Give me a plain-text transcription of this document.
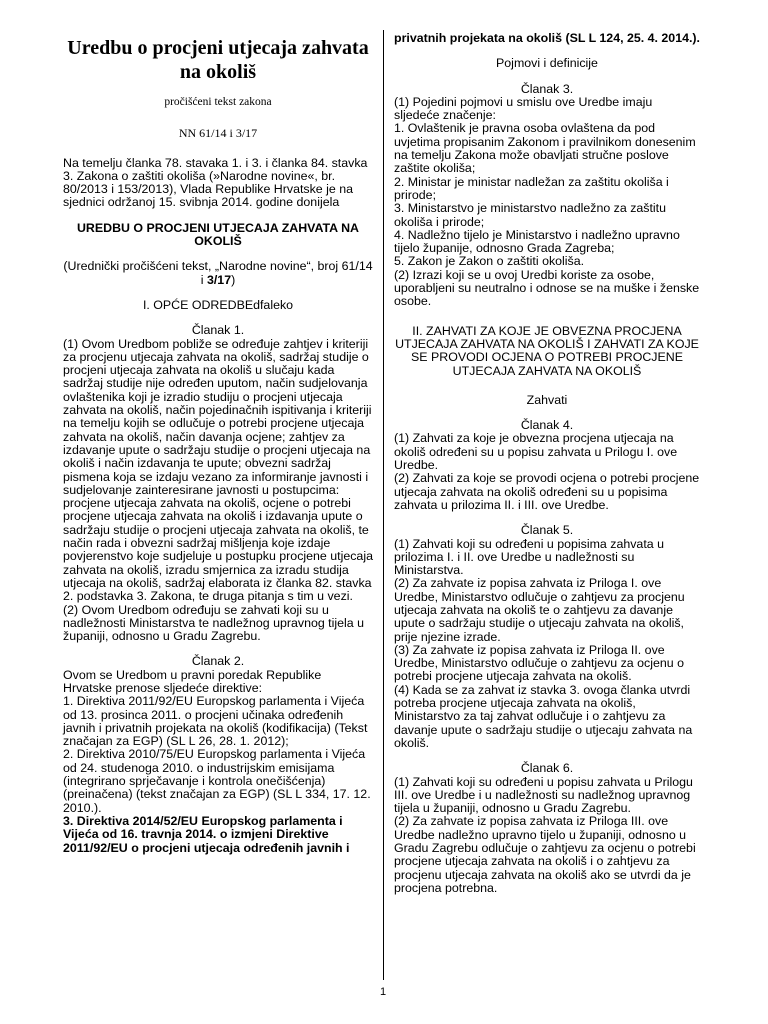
Uredbu o procjeni utjecaja zahvata na okoliš
pročišćeni tekst zakona
NN 61/14 i 3/17

Na temelju članka 78. stavaka 1. i 3. i članka 84. stavka 3. Zakona o zaštiti okoliša (»Narodne novine«, br. 80/2013 i 153/2013), Vlada Republike Hrvatske je na sjednici održanoj 15. svibnja 2014. godine donijela

UREDBU O PROCJENI UTJECAJA ZAHVATA NA OKOLIŠ
(Urednički pročišćeni tekst, „Narodne novine“, broj 61/14 i 3/17)
I. OPĆE ODREDBEdfaleko
Članak 1.

(1) Ovom Uredbom pobliže se određuje zahtjev i kriteriji za procjenu utjecaja zahvata na okoliš, sadržaj studije o procjeni utjecaja zahvata na okoliš u slučaju kada sadržaj studije nije određen uputom, način sudjelovanja ovlaštenika koji je izradio studiju o procjeni utjecaja zahvata na okoliš, način pojedinačnih ispitivanja i kriteriji na temelju kojih se odlučuje o potrebi procjene utjecaja zahvata na okoliš, način davanja ocjene; zahtjev za izdavanje upute o sadržaju studije o procjeni utjecaja na okoliš i način izdavanja te upute; obvezni sadržaj pismena koja se izdaju vezano za informiranje javnosti i sudjelovanje zainteresirane javnosti u postupcima: procjene utjecaja zahvata na okoliš, ocjene o potrebi procjene utjecaja zahvata na okoliš i izdavanja upute o sadržaju studije o procjeni utjecaja zahvata na okoliš, te način rada i obvezni sadržaj mišljenja koje izdaje povjerenstvo koje sudjeluje u postupku procjene utjecaja zahvata na okoliš, izradu smjernica za izradu studija utjecaja na okoliš, sadržaj elaborata iz članka 82. stavka 2. podstavka 3. Zakona, te druga pitanja s tim u vezi.

(2) Ovom Uredbom određuju se zahvati koji su u nadležnosti Ministarstva te nadležnog upravnog tijela u županiji, odnosno u Gradu Zagrebu.

Članak 2.

Ovom se Uredbom u pravni poredak Republike Hrvatske prenose sljedeće direktive:

1. Direktiva 2011/92/EU Europskog parlamenta i Vijeća od 13. prosinca 2011. o procjeni učinaka određenih javnih i privatnih projekata na okoliš (kodifikacija) (Tekst značajan za EGP) (SL L 26, 28. 1. 2012);

2. Direktiva 2010/75/EU Europskog parlamenta i Vijeća od 24. studenoga 2010. o industrijskim emisijama (integrirano sprječavanje i kontrola onečišćenja) (preinačena) (tekst značajan za EGP) (SL L 334, 17. 12. 2010.).

3. Direktiva 2014/52/EU Europskog parlamenta i Vijeća od 16. travnja 2014. o izmjeni Direktive 2011/92/EU o procjeni utjecaja određenih javnih i

privatnih projekata na okoliš (SL L 124, 25. 4. 2014.).

Pojmovi i definicije
Članak 3.

(1) Pojedini pojmovi u smislu ove Uredbe imaju sljedeće značenje:

1. Ovlaštenik je pravna osoba ovlaštena da pod uvjetima propisanim Zakonom i pravilnikom donesenim na temelju Zakona može obavljati stručne poslove zaštite okoliša;

2. Ministar je ministar nadležan za zaštitu okoliša i prirode;

3. Ministarstvo je ministarstvo nadležno za zaštitu okoliša i prirode;

4. Nadležno tijelo je Ministarstvo i nadležno upravno tijelo županije, odnosno Grada Zagreba;

5. Zakon je Zakon o zaštiti okoliša.

(2) Izrazi koji se u ovoj Uredbi koriste za osobe, uporabljeni su neutralno i odnose se na muške i ženske osobe.

II. ZAHVATI ZA KOJE JE OBVEZNA PROCJENA UTJECAJA ZAHVATA NA OKOLIŠ I ZAHVATI ZA KOJE SE PROVODI OCJENA O POTREBI PROCJENE UTJECAJA ZAHVATA NA OKOLIŠ
Zahvati
Članak 4.

(1) Zahvati za koje je obvezna procjena utjecaja na okoliš određeni su u popisu zahvata u Prilogu I. ove Uredbe.

(2) Zahvati za koje se provodi ocjena o potrebi procjene utjecaja zahvata na okoliš određeni su u popisima zahvata u prilozima II. i III. ove Uredbe.

Članak 5.

(1) Zahvati koji su određeni u popisima zahvata u prilozima I. i II. ove Uredbe u nadležnosti su Ministarstva.

(2) Za zahvate iz popisa zahvata iz Priloga I. ove Uredbe, Ministarstvo odlučuje o zahtjevu za procjenu utjecaja zahvata na okoliš te o zahtjevu za davanje upute o sadržaju studije o utjecaju zahvata na okoliš, prije njezine izrade.

(3) Za zahvate iz popisa zahvata iz Priloga II. ove Uredbe, Ministarstvo odlučuje o zahtjevu za ocjenu o potrebi procjene utjecaja zahvata na okoliš.

(4) Kada se za zahvat iz stavka 3. ovoga članka utvrdi potreba procjene utjecaja zahvata na okoliš, Ministarstvo za taj zahvat odlučuje i o zahtjevu za davanje upute o sadržaju studije o utjecaju zahvata na okoliš.

Članak 6.

(1) Zahvati koji su određeni u popisu zahvata u Prilogu III. ove Uredbe i u nadležnosti su nadležnog upravnog tijela u županiji, odnosno u Gradu Zagrebu.

(2) Za zahvate iz popisa zahvata iz Priloga III. ove Uredbe nadležno upravno tijelo u županiji, odnosno u Gradu Zagrebu odlučuje o zahtjevu za ocjenu o potrebi procjene utjecaja zahvata na okoliš i o zahtjevu za procjenu utjecaja zahvata na okoliš ako se utvrdi da je procjena potrebna.

1
